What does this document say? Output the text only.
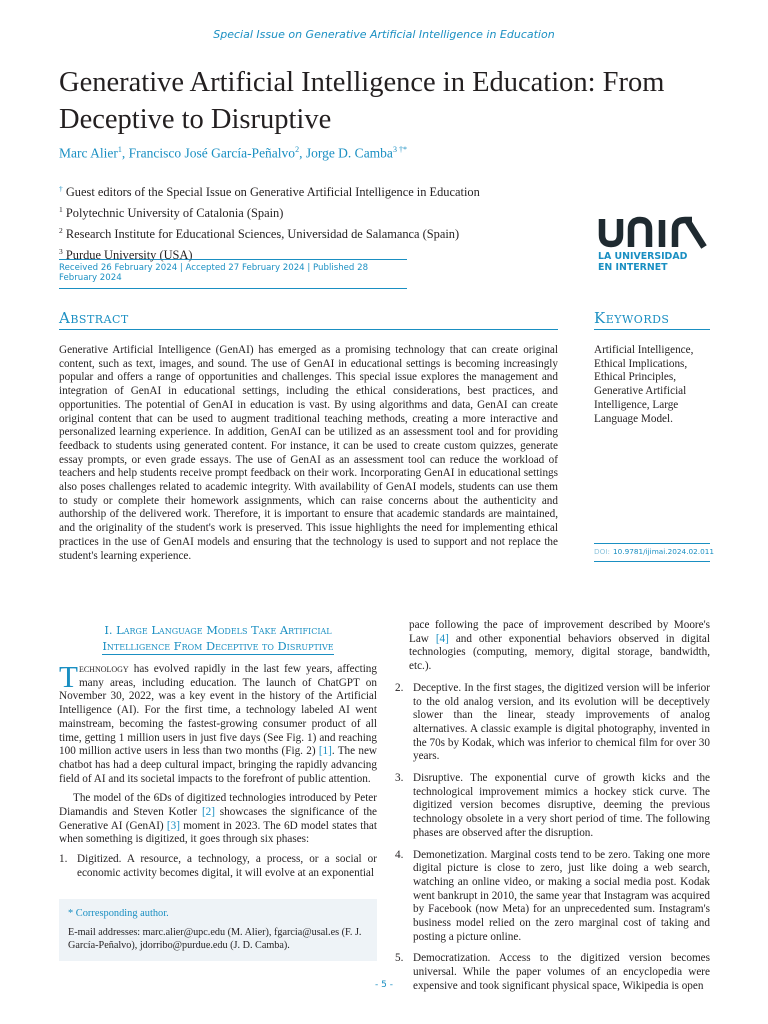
Special Issue on Generative Artificial Intelligence in Education
Generative Artificial Intelligence in Education: From Deceptive to Disruptive
Marc Alier$^1$, Francisco José García-Peñalvo$^2$, Jorge D. Camba$^{3 \dagger*}$
† Guest editors of the Special Issue on Generative Artificial Intelligence in Education
$^1$ Polytechnic University of Catalonia (Spain)
$^2$ Research Institute for Educational Sciences, Universidad de Salamanca (Spain)
$^3$ Purdue University (USA)
Received 26 February 2024 | Accepted 27 February 2024 | Published 28 February 2024
LA UNIVERSIDAD
EN INTERNET
Abstract	Keywords

Generative Artificial Intelligence (GenAI) has emerged as a promising technology that can create original content, such as text, images, and sound. The use of GenAI in educational settings is becoming increasingly popular and offers a range of opportunities and challenges. This special issue explores the management and integration of GenAI in educational settings, including the ethical considerations, best practices, and opportunities. The potential of GenAI in education is vast. By using algorithms and data, GenAI can create original content that can be used to augment traditional teaching methods, creating a more interactive and personalized learning experience. In addition, GenAI can be utilized as an assessment tool and for providing feedback to students using generated content. For instance, it can be used to create custom quizzes, generate essay prompts, or even grade essays. The use of GenAI as an assessment tool can reduce the workload of teachers and help students receive prompt feedback on their work. Incorporating GenAI in educational settings also poses challenges related to academic integrity. With availability of GenAI models, students can use them to study or complete their homework assignments, which can raise concerns about the authenticity and authorship of the delivered work. Therefore, it is important to ensure that academic standards are maintained, and the originality of the student's work is preserved. This issue highlights the need for implementing ethical practices in the use of GenAI models and ensuring that the technology is used to support and not replace the student's learning experience.

Artificial Intelligence, Ethical Implications, Ethical Principles, Generative Artificial Intelligence, Large Language Model.

DOI: 10.9781/ijimai.2024.02.011
I. Large Language Models Take Artificial
Intelligence From Deceptive to Disruptive

Technology has evolved rapidly in the last few years, affecting many areas, including education. The launch of ChatGPT on November 30, 2022, was a key event in the history of the Artificial Intelligence (AI). For the first time, a technology labeled AI went mainstream, becoming the fastest-growing consumer product of all time, getting 1 million users in just five days (See Fig. 1) and reaching 100 million active users in less than two months (Fig. 2) [1]. The new chatbot has had a deep cultural impact, bringing the rapidly advancing field of AI and its societal impacts to the forefront of public attention.

The model of the 6Ds of digitized technologies introduced by Peter Diamandis and Steven Kotler [2] showcases the significance of the Generative AI (GenAI) [3] moment in 2023. The 6D model states that when something is digitized, it goes through six phases:

1. Digitized. A resource, a technology, a process, or a social or economic activity becomes digital, it will evolve at an exponential

pace following the pace of improvement described by Moore's Law [4] and other exponential behaviors observed in digital technologies (computing, memory, digital storage, bandwidth, etc.).

2. Deceptive. In the first stages, the digitized version will be inferior to the old analog version, and its evolution will be deceptively slower than the linear, steady improvements of analog alternatives. A classic example is digital photography, invented in the 70s by Kodak, which was inferior to chemical film for over 30 years.
3. Disruptive. The exponential curve of growth kicks and the technological improvement mimics a hockey stick curve. The digitized version becomes disruptive, deeming the previous technology obsolete in a very short period of time. The following phases are observed after the disruption.
4. Demonetization. Marginal costs tend to be zero. Taking one more digital picture is close to zero, just like doing a web search, watching an online video, or making a social media post. Kodak went bankrupt in 2010, the same year that Instagram was acquired by Facebook (now Meta) for an unprecedented sum. Instagram's business model relied on the zero marginal cost of taking and posting a picture online.
5. Democratization. Access to the digitized version becomes universal. While the paper volumes of an encyclopedia were expensive and took significant physical space, Wikipedia is open
* Corresponding author.
E-mail addresses: marc.alier@upc.edu (M. Alier), fgarcia@usal.es (F. J. García-Peñalvo), jdorribo@purdue.edu (J. D. Camba).
- 5 -
